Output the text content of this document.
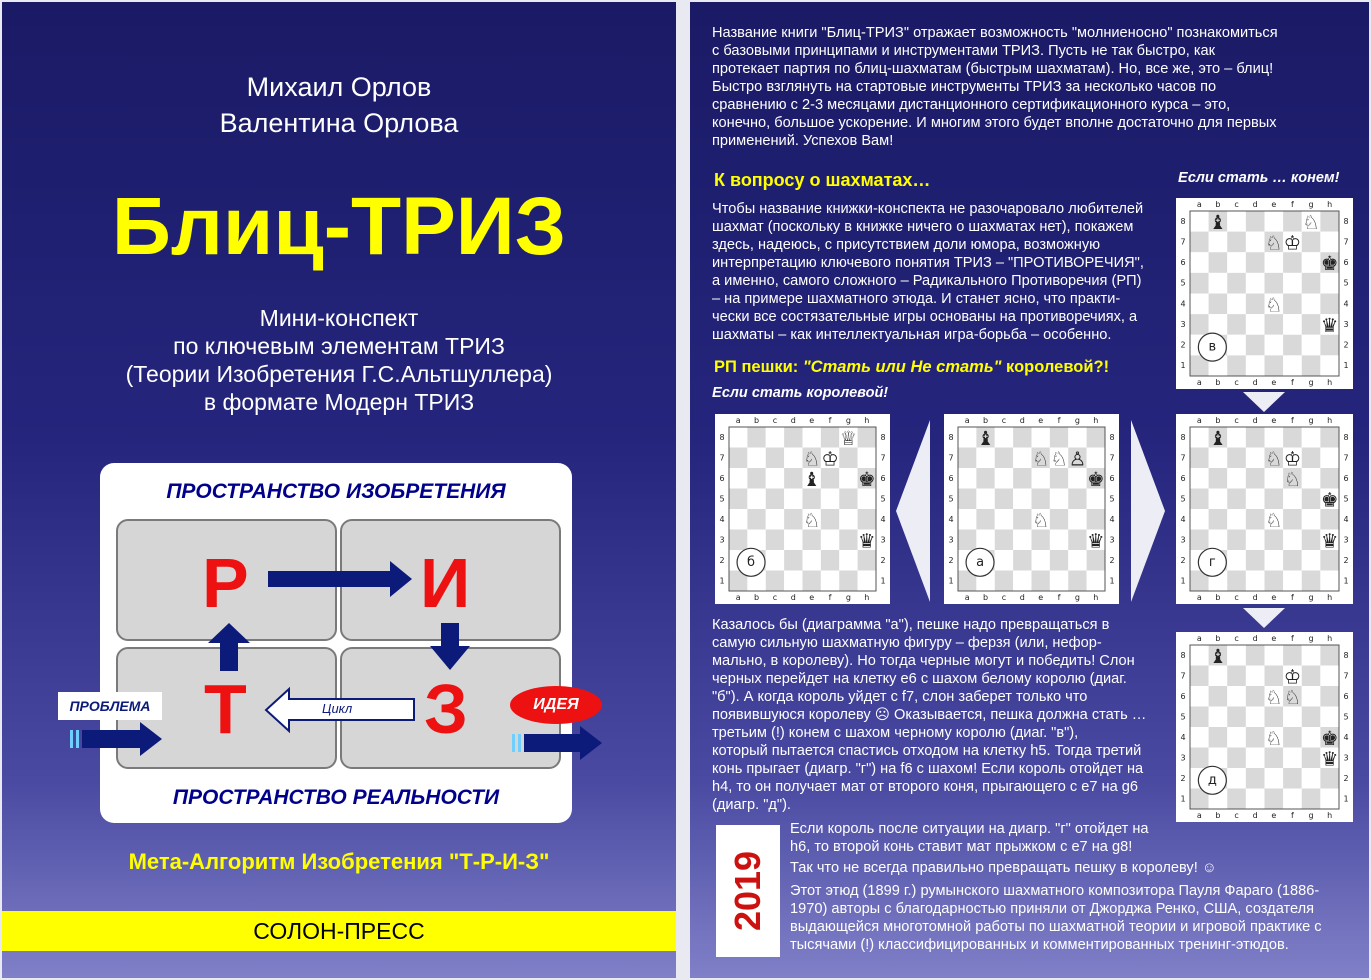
Михаил Орлов
Валентина Орлова
Блиц-ТРИЗ
Мини-конспект
по ключевым элементам ТРИЗ
(Теории Изобретения Г.С.Альтшуллера)
в формате Модерн ТРИЗ
ПРОСТРАНСТВО ИЗОБРЕТЕНИЯ
ПРОСТРАНСТВО РЕАЛЬНОСТИ
Р И
Т	З
Цикл
ПРОБЛЕМА	ИДЕЯ
Мета-Алгоритм Изобретения "Т-Р-И-З"
СОЛОН-ПРЕСС
Название книги "Блиц-ТРИЗ" отражает возможность "молниеносно" познакомиться
с базовыми принципами и инструментами ТРИЗ. Пусть не так быстро, как
протекает партия по блиц-шахматам (быстрым шахматам). Но, все же, это – блиц!
Быстро взглянуть на стартовые инструменты ТРИЗ за несколько часов по
сравнению с 2-3 месяцами дистанционного сертификационного курса – это,
конечно, большое ускорение. И многим этого будет вполне достаточно для первых
применений. Успехов Вам!
К вопросу о шахматах…	Если стать … конем!
Чтобы название книжки-конспекта не разочаровало любителей
шахмат (поскольку в книжке ничего о шахматах нет), покажем
здесь, надеюсь, с присутствием доли юмора, возможную
интерпретацию ключевого понятия ТРИЗ – "ПРОТИВОРЕЧИЯ",
а именно, самого сложного – Радикального Противоречия (РП)
– на примере шахматного этюда. И станет ясно, что практи-
чески все состязательные игры основаны на противоречиях, а
шахматы – как интеллектуальная игра-борьба – особенно.
РП пешки: "Стать или Не стать" королевой?!
Если стать королевой!
a
a
b
b
c
c
d
d
e
e
f
f
g
g
h
h
8	8
7	7
6	6
5	5
4	4
3	3
2	2
1	1
♝	♘
♘ ♔
♚
♘
♛
в
a
a
b
b
c
c
d
d
e
e
f
f
g
g
h
h
8	8
7	7
6	6
5	5
4	4
3	3
2	2
1	1
♕
♔
♘
♝ ♚
♘
♛
б
a
a
b
b
c
c
d
d
e
e
f
f
g
g
h
h
8	8
7	7
6	6
5	5
4	4
3	3
2	2
1	1
♝
♘ ♘ ♙
♚
♘
♛
а
a
a
b
b
c
c
d
d
e
e
f
f
g
g
h
h
8	8
7	7
6	6
5	5
4	4
3	3
2	2
1	1
♝
♘ ♔
♘
♚
♘
♛
г
a
a
b
b
c
c
d
d
e
e
f
f
g
g
h
h
8	8
7	7
6	6
5	5
4	4
3	3
2	2
1	1
♝
♔
♘ ♘
♘ ♚
♛
д
Казалось бы (диаграмма "а"), пешке надо превращаться в
самую сильную шахматную фигуру – ферзя (или, нефор-
мально, в королеву). Но тогда черные могут и победить! Слон
черных перейдет на клетку e6 с шахом белому королю (диаг.
"б"). А когда король уйдет с f7, слон заберет только что
появившуюся королеву ☹ Оказывается, пешка должна стать …
третьим (!) конем с шахом черному королю (диаг. "в"),
который пытается спастись отходом на клетку h5. Тогда третий
конь прыгает (диагр. "г") на f6 с шахом! Если король отойдет на
h4, то он получает мат от второго коня, прыгающего с e7 на g6
(диагр. "д").
2019
Если король после ситуации на диагр. "г" отойдет на
h6, то второй конь ставит мат прыжком с e7 на g8!
Так что не всегда правильно превращать пешку в королеву! ☺
Этот этюд (1899 г.) румынского шахматного композитора Пауля Фараго (1886-
1970) авторы с благодарностью приняли от Джорджа Ренко, США, создателя
выдающейся многотомной работы по шахматной теории и игровой практике с
тысячами (!) классифицированных и комментированных тренинг-этюдов.
